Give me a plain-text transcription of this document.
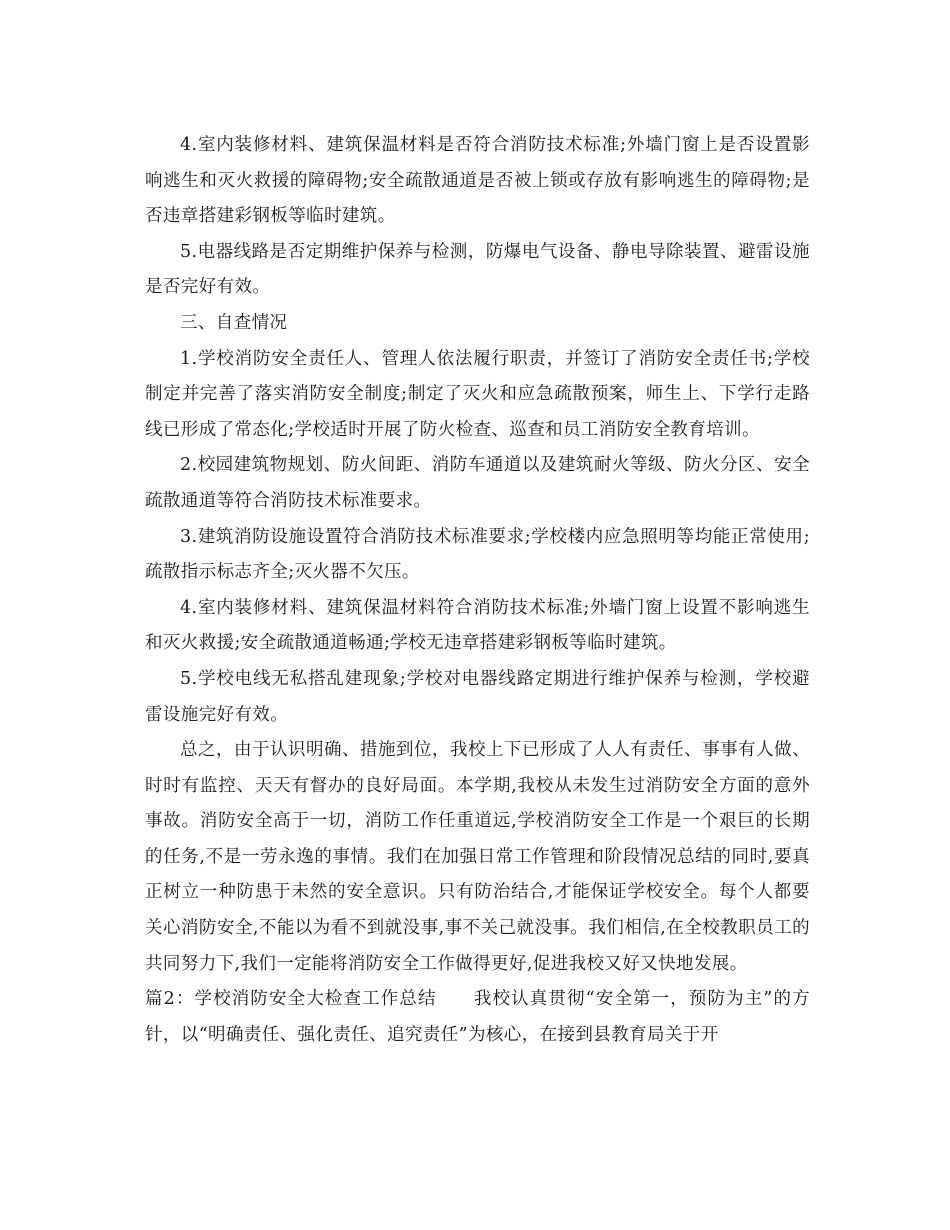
4.室内装修材料、建筑保温材料是否符合消防技术标准;外墙门窗上是否设置影响逃生和灭火救援的障碍物;安全疏散通道是否被上锁或存放有影响逃生的障碍物;是否违章搭建彩钢板等临时建筑。

5.电器线路是否定期维护保养与检测，防爆电气设备、静电导除装置、避雷设施是否完好有效。

三、自查情况

1.学校消防安全责任人、管理人依法履行职责，并签订了消防安全责任书;学校制定并完善了落实消防安全制度;制定了灭火和应急疏散预案，师生上、下学行走路线已形成了常态化;学校适时开展了防火检查、巡查和员工消防安全教育培训。

2.校园建筑物规划、防火间距、消防车通道以及建筑耐火等级、防火分区、安全疏散通道等符合消防技术标准要求。

3.建筑消防设施设置符合消防技术标准要求;学校楼内应急照明等均能正常使用;疏散指示标志齐全;灭火器不欠压。

4.室内装修材料、建筑保温材料符合消防技术标准;外墙门窗上设置不影响逃生和灭火救援;安全疏散通道畅通;学校无违章搭建彩钢板等临时建筑。

5.学校电线无私搭乱建现象;学校对电器线路定期进行维护保养与检测，学校避雷设施完好有效。

总之，由于认识明确、措施到位，我校上下已形成了人人有责任、事事有人做、时时有监控、天天有督办的良好局面。本学期,我校从未发生过消防安全方面的意外事故。消防安全高于一切，消防工作任重道远,学校消防安全工作是一个艰巨的长期的任务,不是一劳永逸的事情。我们在加强日常工作管理和阶段情况总结的同时,要真正树立一种防患于未然的安全意识。只有防治结合,才能保证学校安全。每个人都要关心消防安全,不能以为看不到就没事,事不关己就没事。我们相信,在全校教职员工的共同努力下,我们一定能将消防安全工作做得更好,促进我校又好又快地发展。

篇2：学校消防安全大检查工作总结　　我校认真贯彻“安全第一，预防为主”的方针，以“明确责任、强化责任、追究责任”为核心，在接到县教育局关于开
